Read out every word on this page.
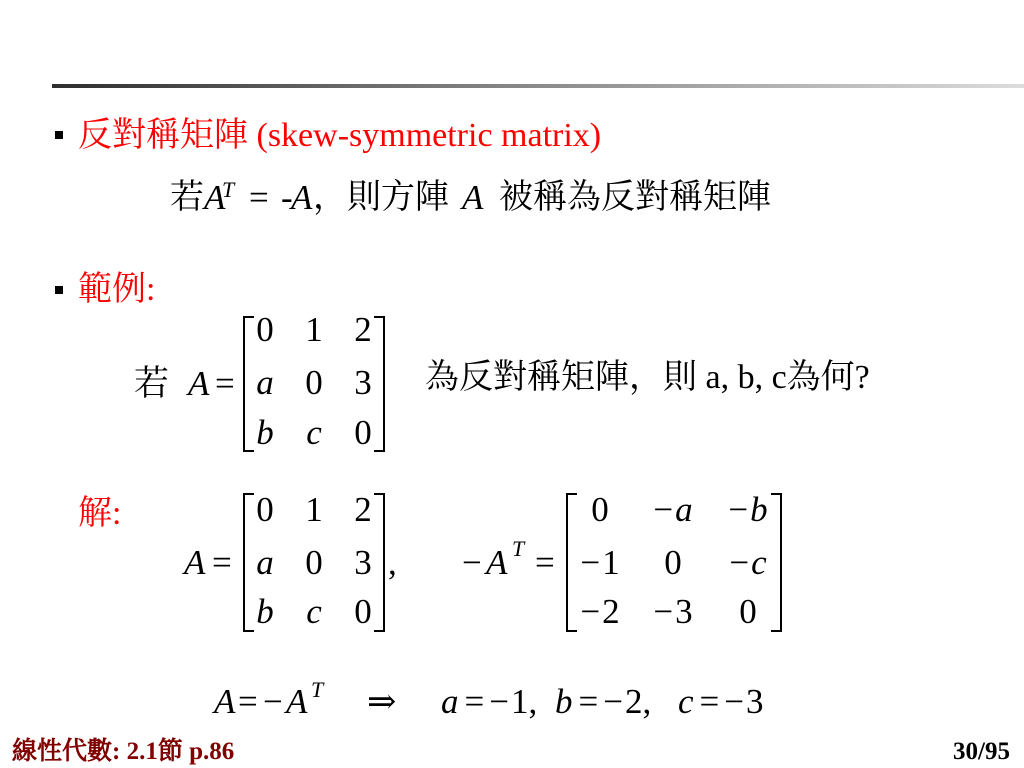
反對稱矩陣 (skew-symmetric matrix)
若 A
T = -
A ，則方陣 A 被稱為反對稱矩陣
範例:
若 A =
0 1 2
a 0 3
b c 0
為反對稱矩陣，則 a, b, c為何?
解:
A =
0 1 2
a 0 3
b c 0
, − A T =
0 −a −b
−1 0 −c
−2 −3 0
A = − A T ⇒ a = −1, b = −2, c = −3
線性代數: 2.1節 p.86	30/95
